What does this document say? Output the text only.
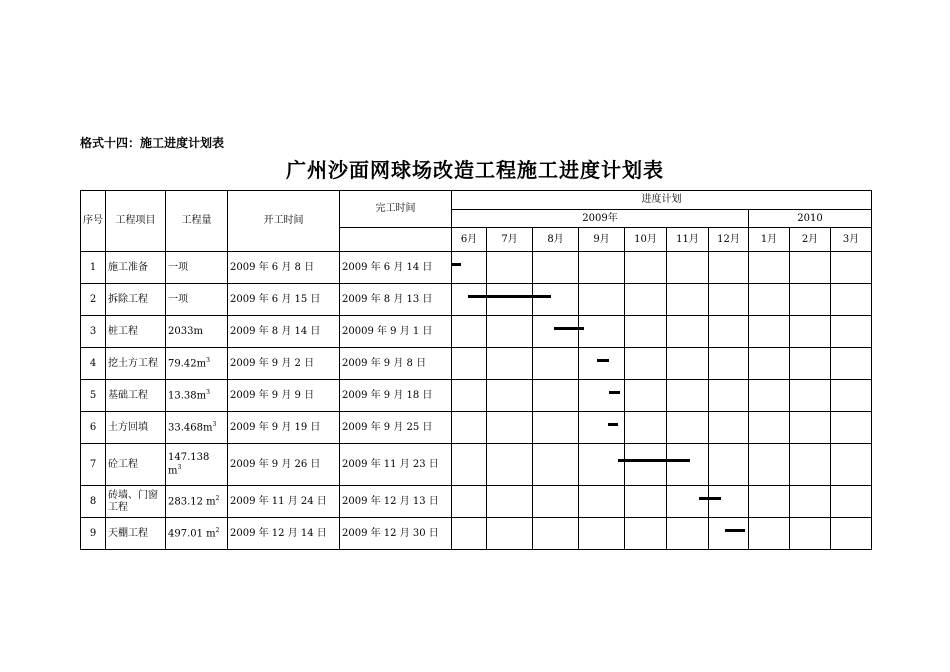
格式十四：施工进度计划表
广州沙面网球场改造工程施工进度计划表
序号	工程项目	工程量	开工时间	完工时间	进度计划									
					2009年							2010		
					6月	7月	8月	9月	10月	11月	12月	1月	2月	3月
1	施工准备	一项	2009 年 6 月 8 日	2009 年 6 月 14 日	

2	拆除工程	一项	2009 年 6 月 15 日	2009 年 8 月 13 日	

3	桩工程	2033m	2009 年 8 月 14 日	20009 年 9 月 1 日			

4	挖土方工程	$79.42m^3$	2009 年 9 月 2 日	2009 年 9 月 8 日				

5	基础工程	$13.38m^3$	2009 年 9 月 9 日	2009 年 9 月 18 日				

6	土方回填	$33.468m^3$	2009 年 9 月 19 日	2009 年 9 月 25 日				

7	砼工程	147.138 $m^3$	2009 年 9 月 26 日	2009 年 11 月 23 日				

8	砖墙、门窗工程	283.12 $m^2$	2009 年 11 月 24 日	2009 年 12 月 13 日						

9	天棚工程	497.01 $m^2$	2009 年 12 月 14 日	2009 年 12 月 30 日							
